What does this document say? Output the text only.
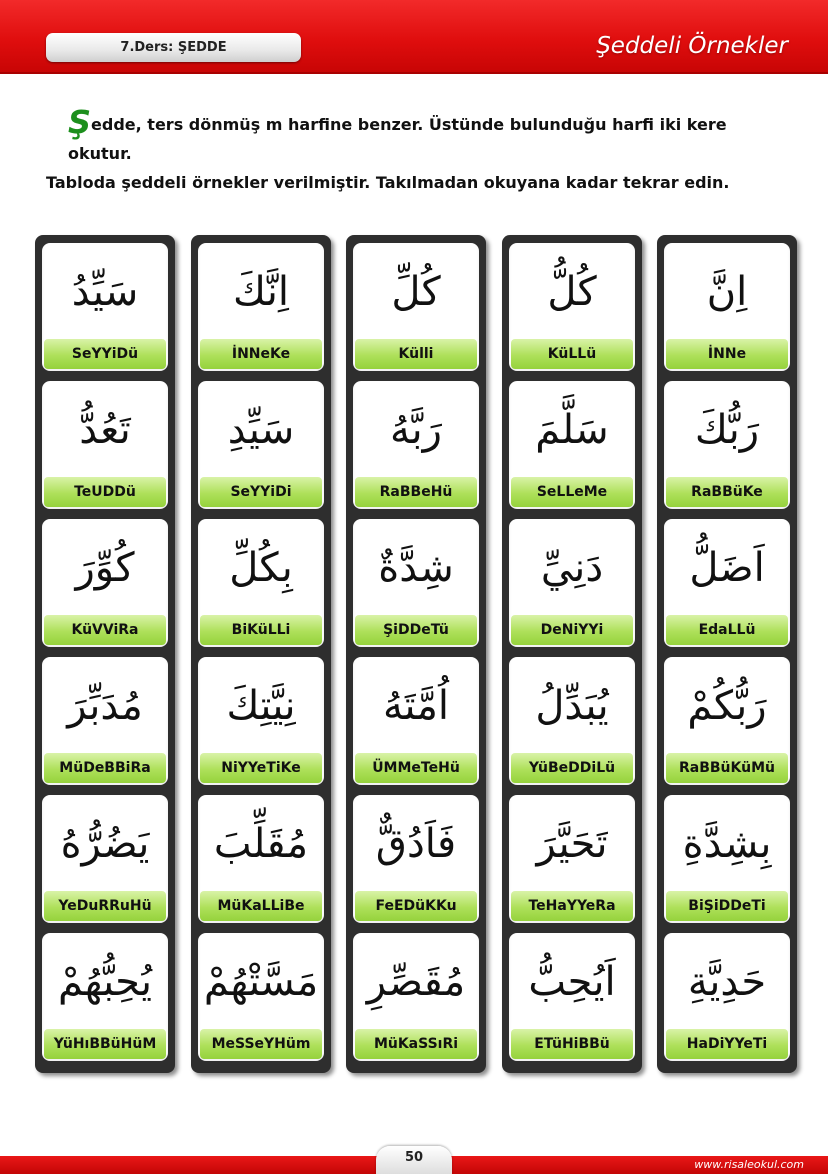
7.Ders: ŞEDDE	Şeddeli Örnekler
Şedde, ters dönmüş m harfine benzer. Üstünde bulunduğu harfi iki kere okutur.
Tabloda şeddeli örnekler verilmiştir. Takılmadan okuyana kadar tekrar edin.
سَيِّدُ
SeYYiDü
تَعُدُّ
TeUDDü
كُوِّرَ
KüVViRa
مُدَبِّرَ
MüDeBBiRa
يَضُرُّهُ
YeDuRRuHü
يُحِبُّهُمْ
YüHıBBüHüM
اِنَّكَ
İNNeKe
سَيِّدِ
SeYYiDi
بِكُلِّ
BiKüLLi
نِيَّتِكَ
NiYYeTiKe
مُقَلِّبَ
MüKaLLiBe
مَسَّتْهُمْ
MeSSeYHüm
كُلِّ
Külli
رَبَّهُ
RaBBeHü
شِدَّةٌ
ŞiDDeTü
اُمَّتَهُ
ÜMMeTeHü
فَاَدُقٌّ
FeEDüKKu
مُقَصِّرِ
MüKaSSıRi
كُلُّ
KüLLü
سَلَّمَ
SeLLeMe
دَنِيِّ
DeNiYYi
يُبَدِّلُ
YüBeDDiLü
تَحَيَّرَ
TeHaYYeRa
اَيُحِبُّ
ETüHiBBü
اِنَّ
İNNe
رَبُّكَ
RaBBüKe
اَضَلُّ
EdaLLü
رَبُّكُمْ
RaBBüKüMü
بِشِدَّةِ
BiŞiDDeTi
حَدِيَّةِ
HaDiYYeTi
50	www.risaleokul.com
